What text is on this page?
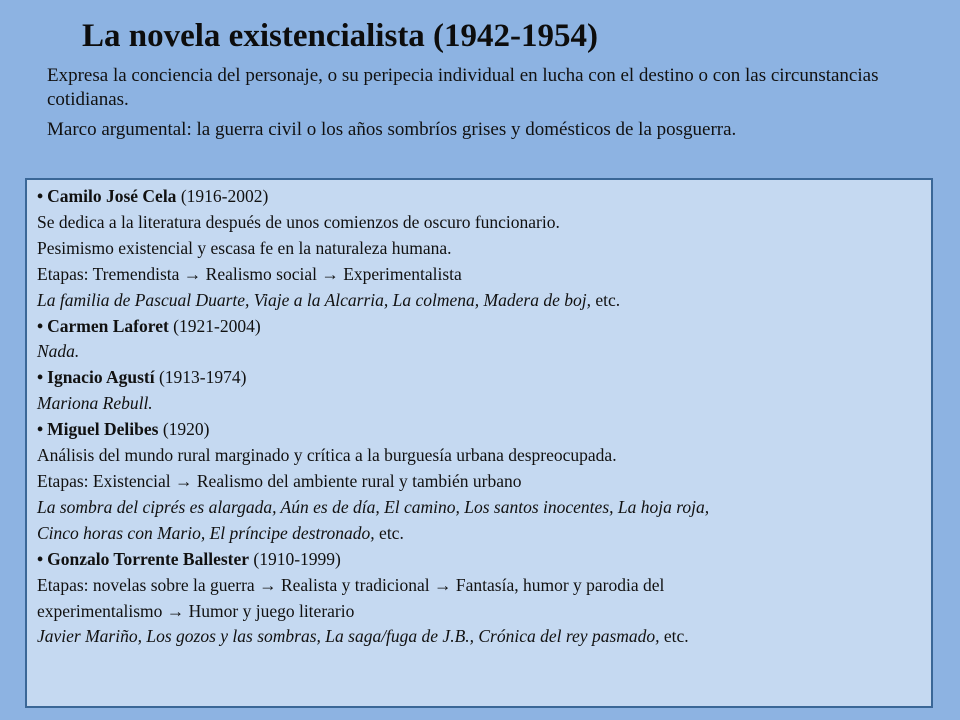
La novela existencialista (1942-1954)

Expresa la conciencia del personaje, o su peripecia individual en lucha con el destino o con las circunstancias cotidianas.

Marco argumental: la guerra civil o los años sombríos grises y domésticos de la posguerra.

• Camilo José Cela (1916-2002)

Se dedica a la literatura después de unos comienzos de oscuro funcionario.

Pesimismo existencial y escasa fe en la naturaleza humana.

Etapas: Tremendista → Realismo social → Experimentalista

La familia de Pascual Duarte, Viaje a la Alcarria, La colmena, Madera de boj, etc.

• Carmen Laforet (1921-2004)

Nada.

• Ignacio Agustí (1913-1974)

Mariona Rebull.

• Miguel Delibes (1920)

Análisis del mundo rural marginado y crítica a la burguesía urbana despreocupada.

Etapas: Existencial → Realismo del ambiente rural y también urbano

La sombra del ciprés es alargada, Aún es de día, El camino, Los santos inocentes, La hoja roja,

Cinco horas con Mario, El príncipe destronado, etc.

• Gonzalo Torrente Ballester (1910-1999)

Etapas: novelas sobre la guerra → Realista y tradicional → Fantasía, humor y parodia del

experimentalismo → Humor y juego literario

Javier Mariño, Los gozos y las sombras, La saga/fuga de J.B., Crónica del rey pasmado, etc.
